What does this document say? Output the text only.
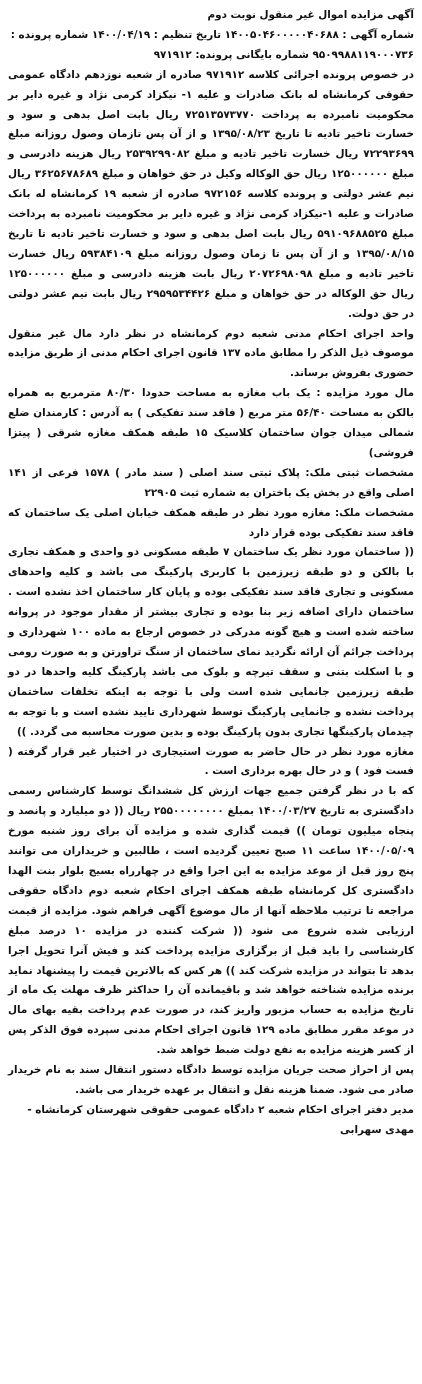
آگهی مزایده اموال غیر منقول نوبت دوم

شماره آگهی : ۱۴۰۰۵۰۴۶۰۰۰۰۰۴۰۶۸۸ تاریخ تنظیم : ۱۴۰۰/۰۴/۱۹ شماره پرونده :

۹۵۰۹۹۸۸۱۱۹۰۰۰۷۳۶ شماره بایگانی پرونده: ۹۷۱۹۱۲

در خصوص پرونده اجرائی کلاسه ۹۷۱۹۱۲ صادره از شعبه نوزدهم دادگاه عمومی حقوقی کرمانشاه له بانک صادرات و علیه ۱- نیکزاد کرمی نژاد و غیره دایر بر محکومیت نامبرده به پرداخت ۷۲۵۱۳۵۷۳۷۷۰ ریال بابت اصل بدهی و سود و خسارت تاخیر تادیه تا تاریخ ۱۳۹۵/۰۸/۲۳ و از آن پس تازمان وصول روزانه مبلغ ۷۲۲۹۳۶۹۹ ریال خسارت تاخیر تادیه و مبلغ ۲۵۳۹۲۹۹۰۸۲ ریال هزینه دادرسی و مبلغ ۱۲۵۰۰۰۰۰۰ ریال حق الوکاله وکیل در حق خواهان و مبلغ ۳۶۲۵۶۷۸۶۸۹ ریال نیم عشر دولتی و پرونده کلاسه ۹۷۲۱۵۶ صادره از شعبه ۱۹ کرمانشاه له بانک صادرات و علیه ۱-نیکزاد کرمی نژاد و غیره دایر بر محکومیت نامبرده به پرداخت مبلغ ۵۹۱۰۹۶۸۸۵۲۵ ریال بابت اصل بدهی و سود و خسارت تاخیر تادیه تا تاریخ ۱۳۹۵/۰۸/۱۵ و از آن پس تا زمان وصول روزانه مبلغ ۵۹۳۸۴۱۰۹ ریال خسارت تاخیر تادیه و مبلغ ۲۰۷۲۶۹۸۰۹۸ ریال بابت هزینه دادرسی و مبلغ ۱۲۵۰۰۰۰۰۰ ریال حق الوکاله در حق خواهان و مبلغ ۲۹۵۹۵۳۴۴۲۶ ریال بابت نیم عشر دولتی در حق دولت.

واحد اجرای احکام مدنی شعبه دوم کرمانشاه در نظر دارد مال غیر منقول موصوف ذیل الذکر را مطابق ماده ۱۳۷ قانون اجرای احکام مدنی از طریق مزایده حضوری بفروش برساند.

مال مورد مزایده : یک باب مغازه به مساحت حدودا ۸۰/۳۰ مترمربع به همراه بالکن به مساحت ۵۶/۴۰ متر مربع ( فاقد سند تفکیکی ) به آدرس : کارمندان ضلع شمالی میدان جوان ساختمان کلاسیک ۱۵ طبقه همکف مغازه شرقی ( پیتزا فروشی)

مشخصات ثبتی ملک: پلاک ثبتی سند اصلی ( سند مادر ) ۱۵۷۸ فرعی از ۱۴۱ اصلی واقع در بخش یک باختران به شماره ثبت ۲۲۹۰۵

مشخصات ملک: مغازه مورد نظر در طبقه همکف خیابان اصلی یک ساختمان که فاقد سند تفکیکی بوده قرار دارد

(( ساختمان مورد نظر یک ساختمان ۷ طبقه مسکونی دو واحدی و همکف تجاری با بالکن و دو طبقه زیرزمین با کاربری پارکینگ می باشد و کلیه واحدهای مسکونی و تجاری فاقد سند تفکیکی بوده و پایان کار ساختمان اخذ نشده است . ساختمان دارای اضافه زیر بنا بوده و تجاری بیشتر از مقدار موجود در پروانه ساخته شده است و هیچ گونه مدرکی در خصوص ارجاع به ماده ۱۰۰ شهرداری و پرداخت جرائم آن ارائه نگردید نمای ساختمان از سنگ تراورتن و به صورت رومی و با اسکلت بتنی و سقف تیرچه و بلوک می باشد پارکینگ کلیه واحدها در دو طبقه زیرزمین جانمایی شده است ولی با توجه به اینکه تخلفات ساختمان پرداخت نشده و جانمایی پارکینگ توسط شهرداری تایید نشده است و با توجه به چیدمان پارکینگها تجاری بدون پارکینگ بوده و بدین صورت محاسبه می گردد. ))

مغازه مورد نظر در حال حاضر به صورت استیجاری در اختیار غیر قرار گرفته ( فست فود ) و در حال بهره برداری است .

که با در نظر گرفتن جمیع جهات ارزش کل ششدانگ توسط کارشناس رسمی دادگستری به تاریخ ۱۴۰۰/۰۳/۲۷ بمبلغ ۲۵۵۰۰۰۰۰۰۰۰ ریال (( دو میلیارد و پانصد و پنجاه میلیون تومان )) قیمت گذاری شده و مزایده آن برای روز شنبه مورخ ۱۴۰۰/۰۵/۰۹ ساعت ۱۱ صبح تعیین گردیده است ، طالبین و خریداران می توانند پنج روز قبل از موعد مزایده به این اجرا واقع در چهارراه بسیج بلوار بنت الهدا دادگستری کل کرمانشاه طبقه همکف اجرای احکام شعبه دوم دادگاه حقوقی مراجعه تا ترتیب ملاحظه آنها از مال موضوع آگهی فراهم شود. مزایده از قیمت ارزیابی شده شروع می شود (( شرکت کننده در مزایده ۱۰ درصد مبلغ کارشناسی را باید قبل از برگزاری مزایده پرداخت کند و فیش آنرا تحویل اجرا بدهد تا بتواند در مزایده شرکت کند )) هر کس که بالاترین قیمت را پیشنهاد نماید برنده مزایده شناخته خواهد شد و باقیمانده آن را حداکثر ظرف مهلت یک ماه از تاریخ مزایده به حساب مزبور واریز کند، در صورت عدم پرداخت بقیه بهای مال در موعد مقرر مطابق ماده ۱۲۹ قانون اجرای احکام مدنی سپرده فوق الذکر پس از کسر هزینه مزایده به نفع دولت ضبط خواهد شد.

پس از احراز صحت جریان مزایده توسط دادگاه دستور انتقال سند به نام خریدار صادر می شود. ضمنا هزینه نقل و انتقال بر عهده خریدار می باشد.

مدیر دفتر اجرای احکام شعبه ۲ دادگاه عمومی حقوقی شهرستان کرمانشاه -

مهدی سهرابی
